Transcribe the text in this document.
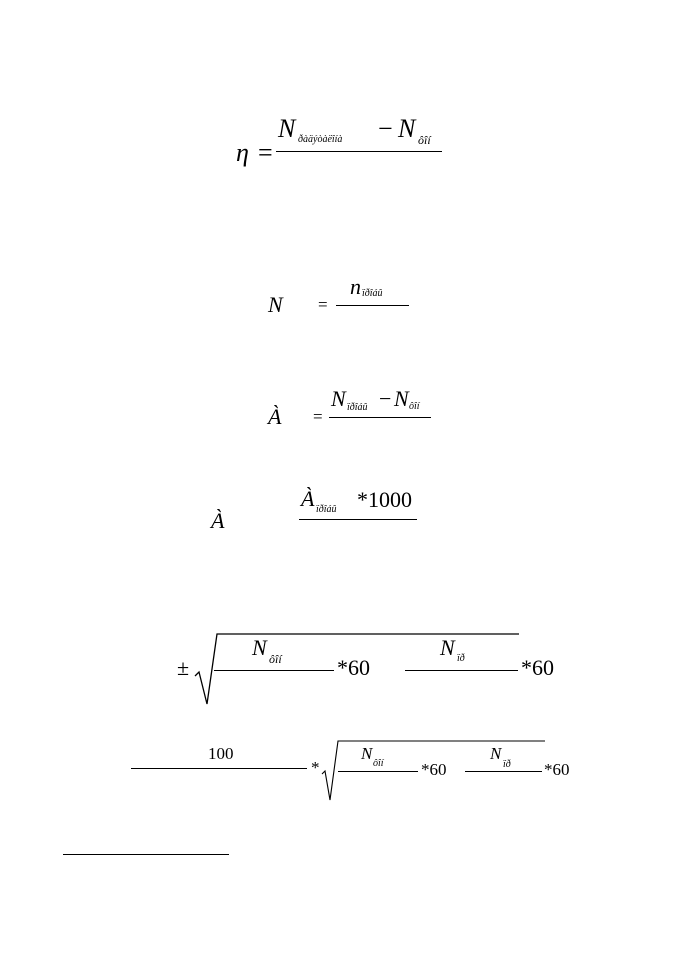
η =
N ðàäýòàëîíà − N ôîí
N =
n ïðîáû
À =
N ïðîáû − N ôîí
À
À ïðîáû *1000
±
N ôîí	*60
N ïð	*60
100
*
N
ôîí *60
N
ïð *60
